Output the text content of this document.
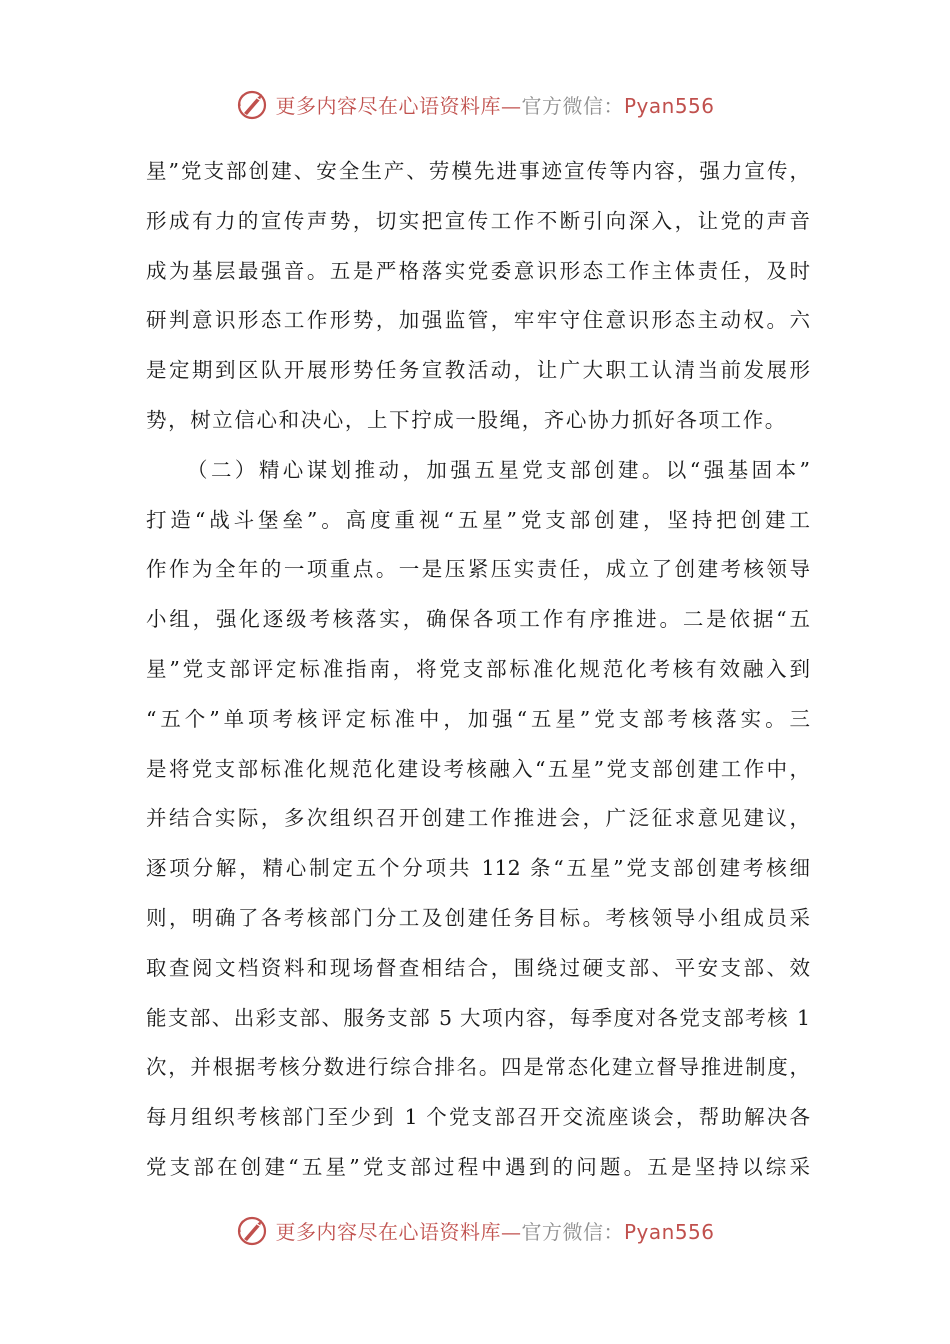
更多内容尽在心语资料库—官方微信：Pyan556
星”党支部创建、安全生产、劳模先进事迹宣传等内容，强力宣传，
形成有力的宣传声势，切实把宣传工作不断引向深入，让党的声音
成为基层最强音。五是严格落实党委意识形态工作主体责任，及时
研判意识形态工作形势，加强监管，牢牢守住意识形态主动权。六
是定期到区队开展形势任务宣教活动，让广大职工认清当前发展形
势，树立信心和决心，上下拧成一股绳，齐心协力抓好各项工作。
（二）精心谋划推动，加强五星党支部创建。以“强基固本”
打造“战斗堡垒”。高度重视“五星”党支部创建，坚持把创建工
作作为全年的一项重点。一是压紧压实责任，成立了创建考核领导
小组，强化逐级考核落实，确保各项工作有序推进。二是依据“五
星”党支部评定标准指南，将党支部标准化规范化考核有效融入到
“五个”单项考核评定标准中，加强“五星”党支部考核落实。三
是将党支部标准化规范化建设考核融入“五星”党支部创建工作中，
并结合实际，多次组织召开创建工作推进会，广泛征求意见建议，
逐项分解，精心制定五个分项共 112 条“五星”党支部创建考核细
则，明确了各考核部门分工及创建任务目标。考核领导小组成员采
取查阅文档资料和现场督查相结合，围绕过硬支部、平安支部、效
能支部、出彩支部、服务支部 5 大项内容，每季度对各党支部考核 1
次，并根据考核分数进行综合排名。四是常态化建立督导推进制度，
每月组织考核部门至少到 1 个党支部召开交流座谈会，帮助解决各
党支部在创建“五星”党支部过程中遇到的问题。五是坚持以综采
更多内容尽在心语资料库—官方微信：Pyan556
